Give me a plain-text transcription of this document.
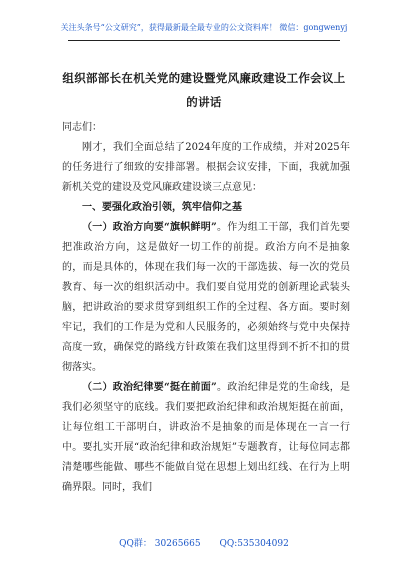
关注头条号“公文研究”，获得最新最全最专业的公文资料库！ 微信：gongwenyj
组织部部长在机关党的建设暨党风廉政建设工作会议上
的讲话

同志们：

刚才，我们全面总结了2024年度的工作成绩，并对2025年的任务进行了细致的安排部署。根据会议安排，下面，我就加强新机关党的建设及党风廉政建设谈三点意见：

一、要强化政治引领，筑牢信仰之基

（一）政治方向要“旗帜鲜明”。作为组工干部，我们首先要把准政治方向，这是做好一切工作的前提。政治方向不是抽象的，而是具体的，体现在我们每一次的干部选拔、每一次的党员教育、每一次的组织活动中。我们要自觉用党的创新理论武装头脑，把讲政治的要求贯穿到组织工作的全过程、各方面。要时刻牢记，我们的工作是为党和人民服务的，必须始终与党中央保持高度一致，确保党的路线方针政策在我们这里得到不折不扣的贯彻落实。

（二）政治纪律要“挺在前面”。政治纪律是党的生命线，是我们必须坚守的底线。我们要把政治纪律和政治规矩挺在前面，让每位组工干部明白，讲政治不是抽象的而是体现在一言一行中。要扎实开展“政治纪律和政治规矩”专题教育，让每位同志都清楚哪些能做、哪些不能做自觉在思想上划出红线、在行为上明确界限。同时，我们

QQ群： 30265665 QQ:535304092
